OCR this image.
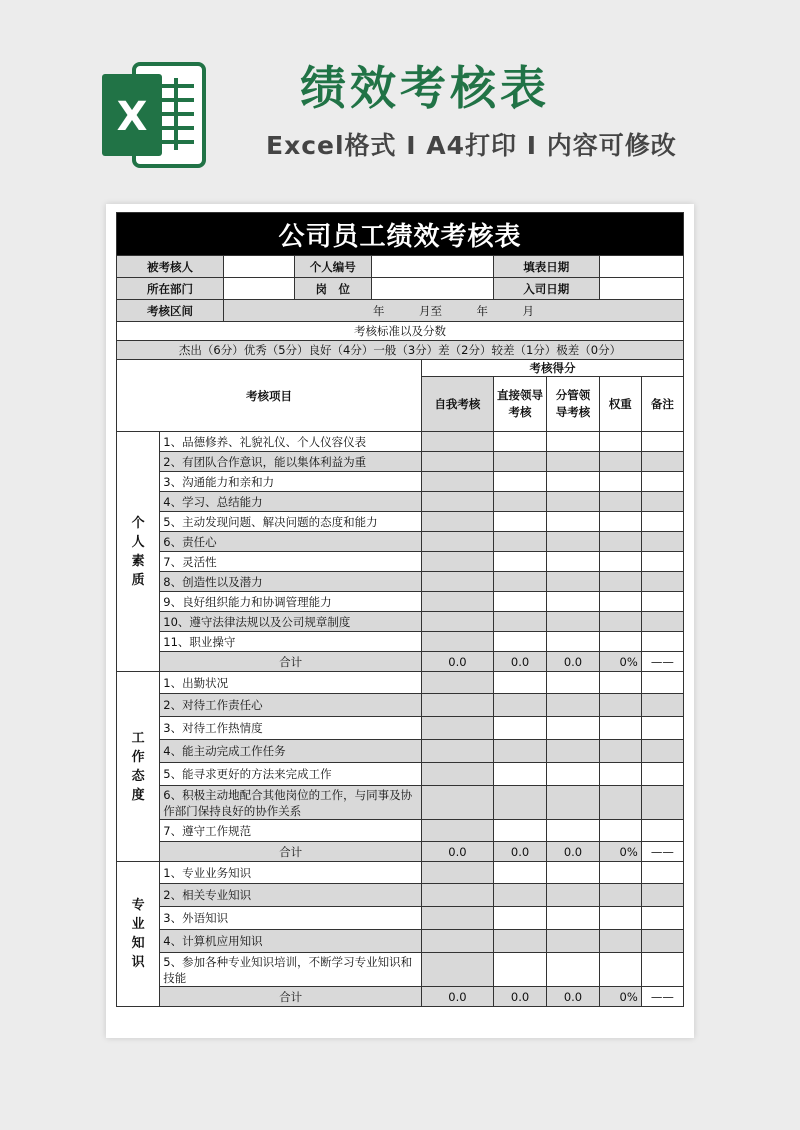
X
绩效考核表
Excel格式 I A4打印 I 内容可修改
公司员工绩效考核表									
被考核人			个人编号			填表日期			
所在部门			岗　位			入司日期			
考核区间		年　　　月至　　　年　　　月							
考核标准以及分数									
杰出（6分）优秀（5分）良好（4分）一般（3分）差（2分）较差（1分）极差（0分）									
考核项目					考核得分				
					自我考核	直接领导考核	分管领导考核	权重	备注

个
人
素
质	1、品德修养、礼貌礼仪、个人仪容仪表								
	2、有团队合作意识，能以集体利益为重								
	3、沟通能力和亲和力								
	4、学习、总结能力								
	5、主动发现问题、解决问题的态度和能力								
	6、责任心								
	7、灵活性								
	8、创造性以及潜力								
	9、良好组织能力和协调管理能力								
	10、遵守法律法规以及公司规章制度								
	11、职业操守								
	合计				0.0	0.0	0.0	0%	——

工
作
态
度	1、出勤状况								
	2、对待工作责任心								
	3、对待工作热情度								
	4、能主动完成工作任务								
	5、能寻求更好的方法来完成工作								
	6、积极主动地配合其他岗位的工作，与同事及协作部门保持良好的协作关系								
	7、遵守工作规范								
	合计				0.0	0.0	0.0	0%	——

专
业
知
识	1、专业业务知识								
	2、相关专业知识								
	3、外语知识								
	4、计算机应用知识								
	5、参加各种专业知识培训，不断学习专业知识和技能								
	合计				0.0	0.0	0.0	0%	——
